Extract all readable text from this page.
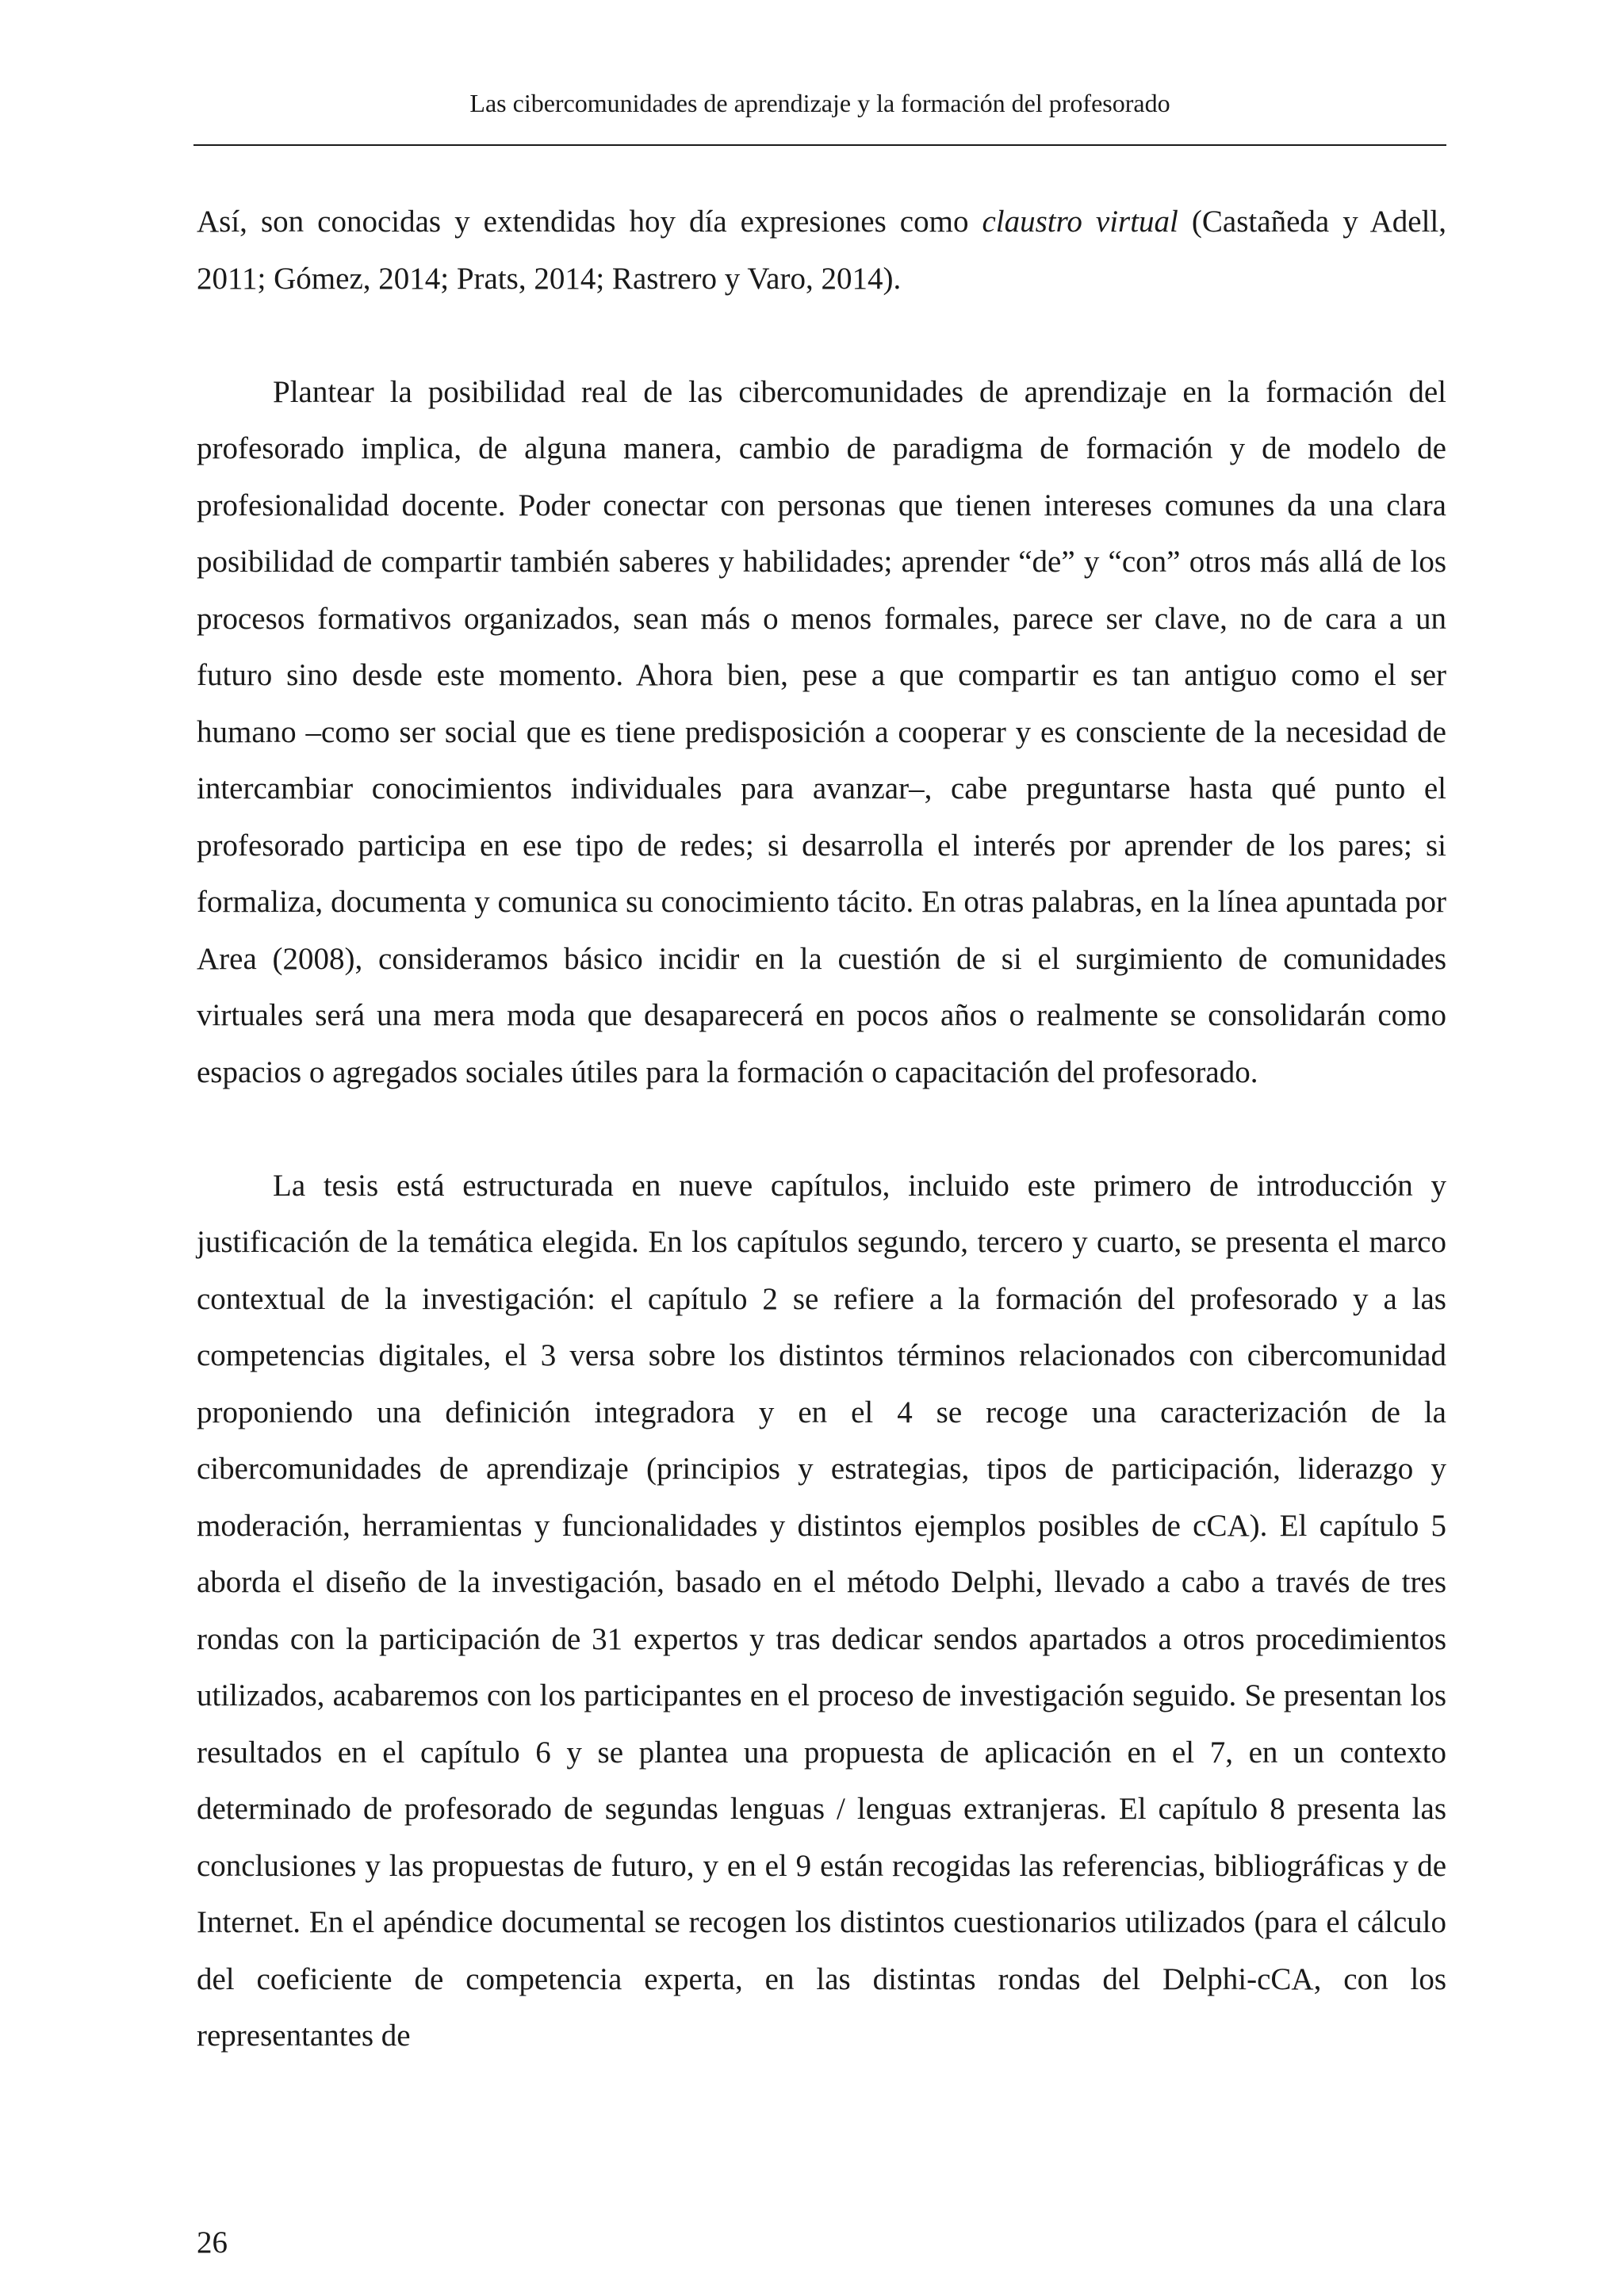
Las cibercomunidades de aprendizaje y la formación del profesorado

Así, son conocidas y extendidas hoy día expresiones como claustro virtual (Castañeda y Adell, 2011; Gómez, 2014; Prats, 2014; Rastrero y Varo, 2014).

Plantear la posibilidad real de las cibercomunidades de aprendizaje en la formación del profesorado implica, de alguna manera, cambio de paradigma de formación y de modelo de profesionalidad docente. Poder conectar con personas que tienen intereses comunes da una clara posibilidad de compartir también saberes y habilidades; aprender “de” y “con” otros más allá de los procesos formativos organizados, sean más o menos formales, parece ser clave, no de cara a un futuro sino desde este momento. Ahora bien, pese a que compartir es tan antiguo como el ser humano –como ser social que es tiene predisposición a cooperar y es consciente de la necesidad de intercambiar conocimientos individuales para avanzar–, cabe preguntarse hasta qué punto el profesorado participa en ese tipo de redes; si desarrolla el interés por aprender de los pares; si formaliza, documenta y comunica su conocimiento tácito. En otras palabras, en la línea apuntada por Area (2008), consideramos básico incidir en la cuestión de si el surgimiento de comunidades virtuales será una mera moda que desaparecerá en pocos años o realmente se consolidarán como espacios o agregados sociales útiles para la formación o capacitación del profesorado.

La tesis está estructurada en nueve capítulos, incluido este primero de introducción y justificación de la temática elegida. En los capítulos segundo, tercero y cuarto, se presenta el marco contextual de la investigación: el capítulo 2 se refiere a la formación del profesorado y a las competencias digitales, el 3 versa sobre los distintos términos relacionados con cibercomunidad proponiendo una definición integradora y en el 4 se recoge una caracterización de la cibercomunidades de aprendizaje (principios y estrategias, tipos de participación, liderazgo y moderación, herramientas y funcionalidades y distintos ejemplos posibles de cCA). El capítulo 5 aborda el diseño de la investigación, basado en el método Delphi, llevado a cabo a través de tres rondas con la participación de 31 expertos y tras dedicar sendos apartados a otros procedimientos utilizados, acabaremos con los participantes en el proceso de investigación seguido. Se presentan los resultados en el capítulo 6 y se plantea una propuesta de aplicación en el 7, en un contexto determinado de profesorado de segundas lenguas / lenguas extranjeras. El capítulo 8 presenta las conclusiones y las propuestas de futuro, y en el 9 están recogidas las referencias, bibliográficas y de Internet. En el apéndice documental se recogen los distintos cuestionarios utilizados (para el cálculo del coeficiente de competencia experta, en las distintas rondas del Delphi-cCA, con los representantes de

26
